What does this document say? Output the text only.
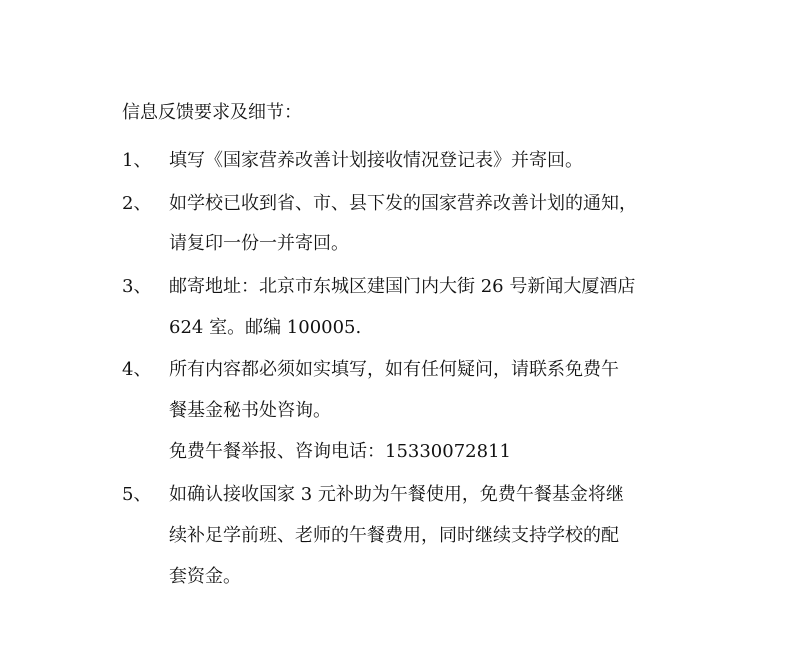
信息反馈要求及细节：
1、 填写《国家营养改善计划接收情况登记表》并寄回。
2、 如学校已收到省、市、县下发的国家营养改善计划的通知，
请复印一份一并寄回。
3、 邮寄地址：北京市东城区建国门内大街 26 号新闻大厦酒店
624 室。邮编 100005.
4、 所有内容都必须如实填写，如有任何疑问，请联系免费午
餐基金秘书处咨询。
免费午餐举报、咨询电话：15330072811
5、 如确认接收国家 3 元补助为午餐使用，免费午餐基金将继
续补足学前班、老师的午餐费用，同时继续支持学校的配
套资金。
